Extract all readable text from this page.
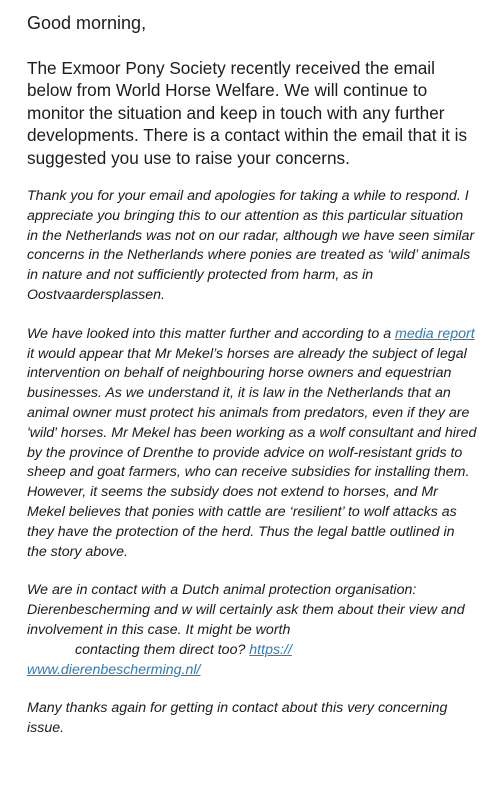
Good morning,
The Exmoor Pony Society recently received the email below from World Horse Welfare. We will continue to monitor the situation and keep in touch with any further developments. There is a contact within the email that it is suggested you use to raise your concerns.
Thank you for your email and apologies for taking a while to respond. I appreciate you bringing this to our attention as this particular situation in the Netherlands was not on our radar, although we have seen similar concerns in the Netherlands where ponies are treated as ‘wild’ animals in nature and not sufficiently protected from harm, as in Oostvaardersplassen.
We have looked into this matter further and according to a media report it would appear that Mr Mekel’s horses are already the subject of legal intervention on behalf of neighbouring horse owners and equestrian businesses. As we understand it, it is law in the Netherlands that an animal owner must protect his animals from predators, even if they are 'wild' horses. Mr Mekel has been working as a wolf consultant and hired by the province of Drenthe to provide advice on wolf-resistant grids to sheep and goat farmers, who can receive subsidies for installing them. However, it seems the subsidy does not extend to horses, and Mr Mekel believes that ponies with cattle are ‘resilient’ to wolf attacks as they have the protection of the herd. Thus the legal battle outlined in the story above.
We are in contact with a Dutch animal protection organisation: Dierenbescherming and w will certainly ask them about their view and involvement in this case. It might be worth
contacting them direct too? https://
www.dierenbescherming.nl/
Many thanks again for getting in contact about this very concerning issue.
